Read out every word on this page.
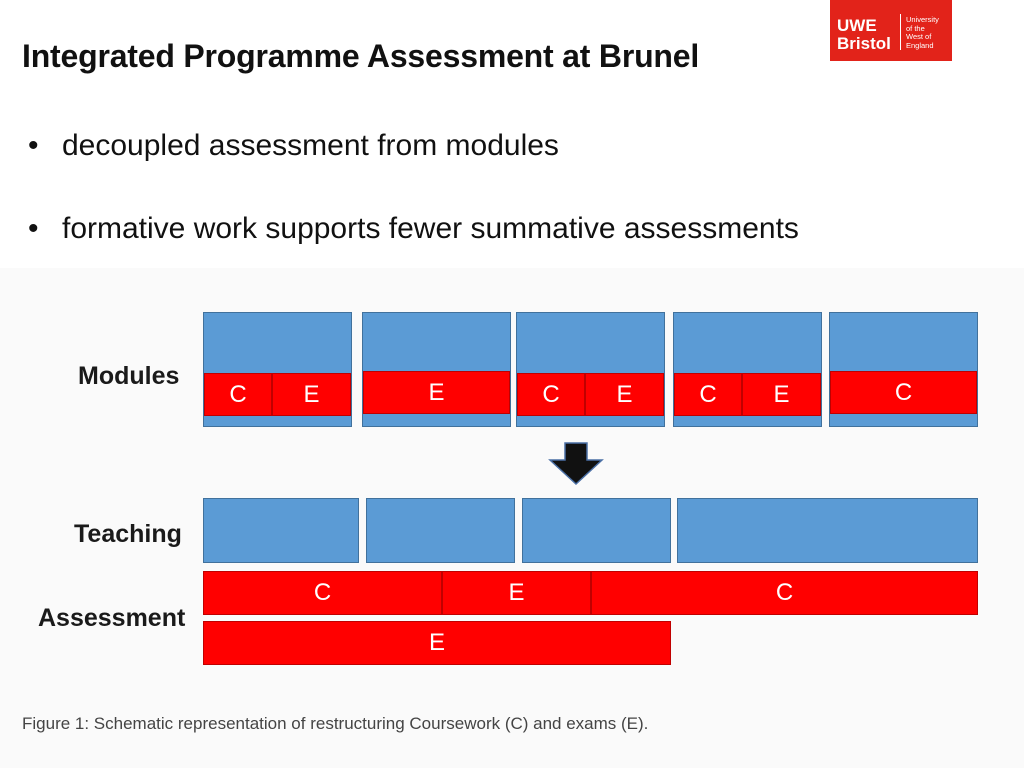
Integrated Programme Assessment at Brunel
UWE
Bristol
University
of the
West of
England
• decoupled assessment from modules
• formative work supports fewer summative assessments
Modules
Teaching
Assessment
C	E	E	C	E	C	E	C
C	E	C
E
Figure 1: Schematic representation of restructuring Coursework (C) and exams (E).
